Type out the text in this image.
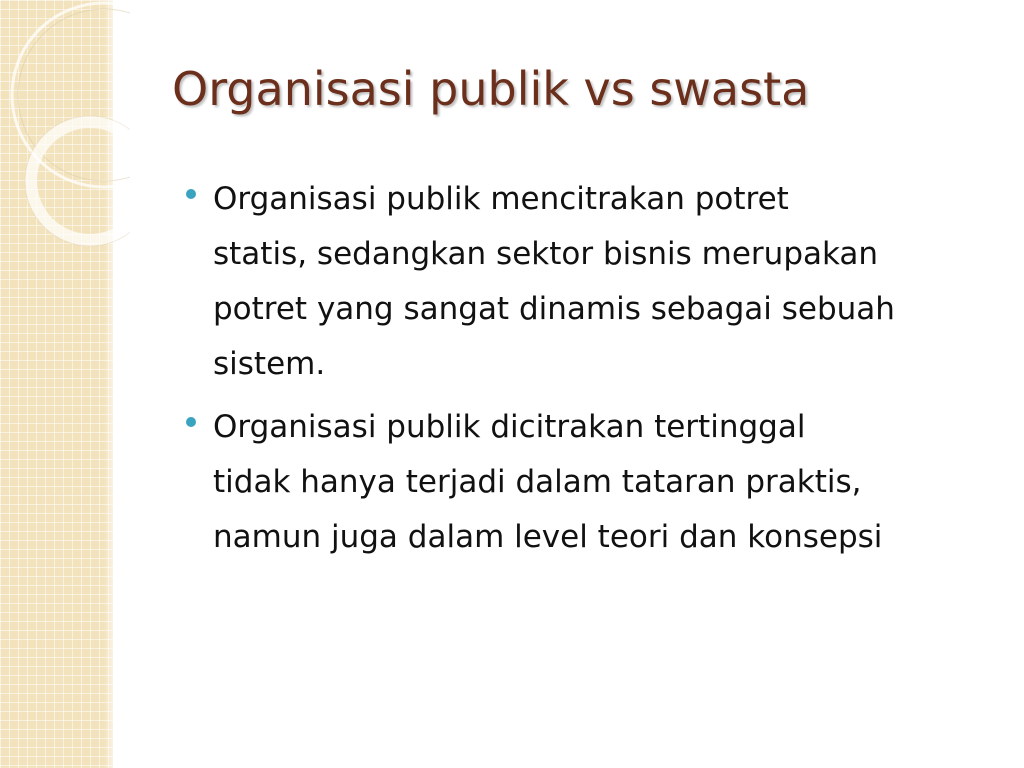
Organisasi publik vs swasta
Organisasi publik mencitrakan potret
statis, sedangkan sektor bisnis merupakan
potret yang sangat dinamis sebagai sebuah
sistem.
Organisasi publik dicitrakan tertinggal
tidak hanya terjadi dalam tataran praktis,
namun juga dalam level teori dan konsepsi
